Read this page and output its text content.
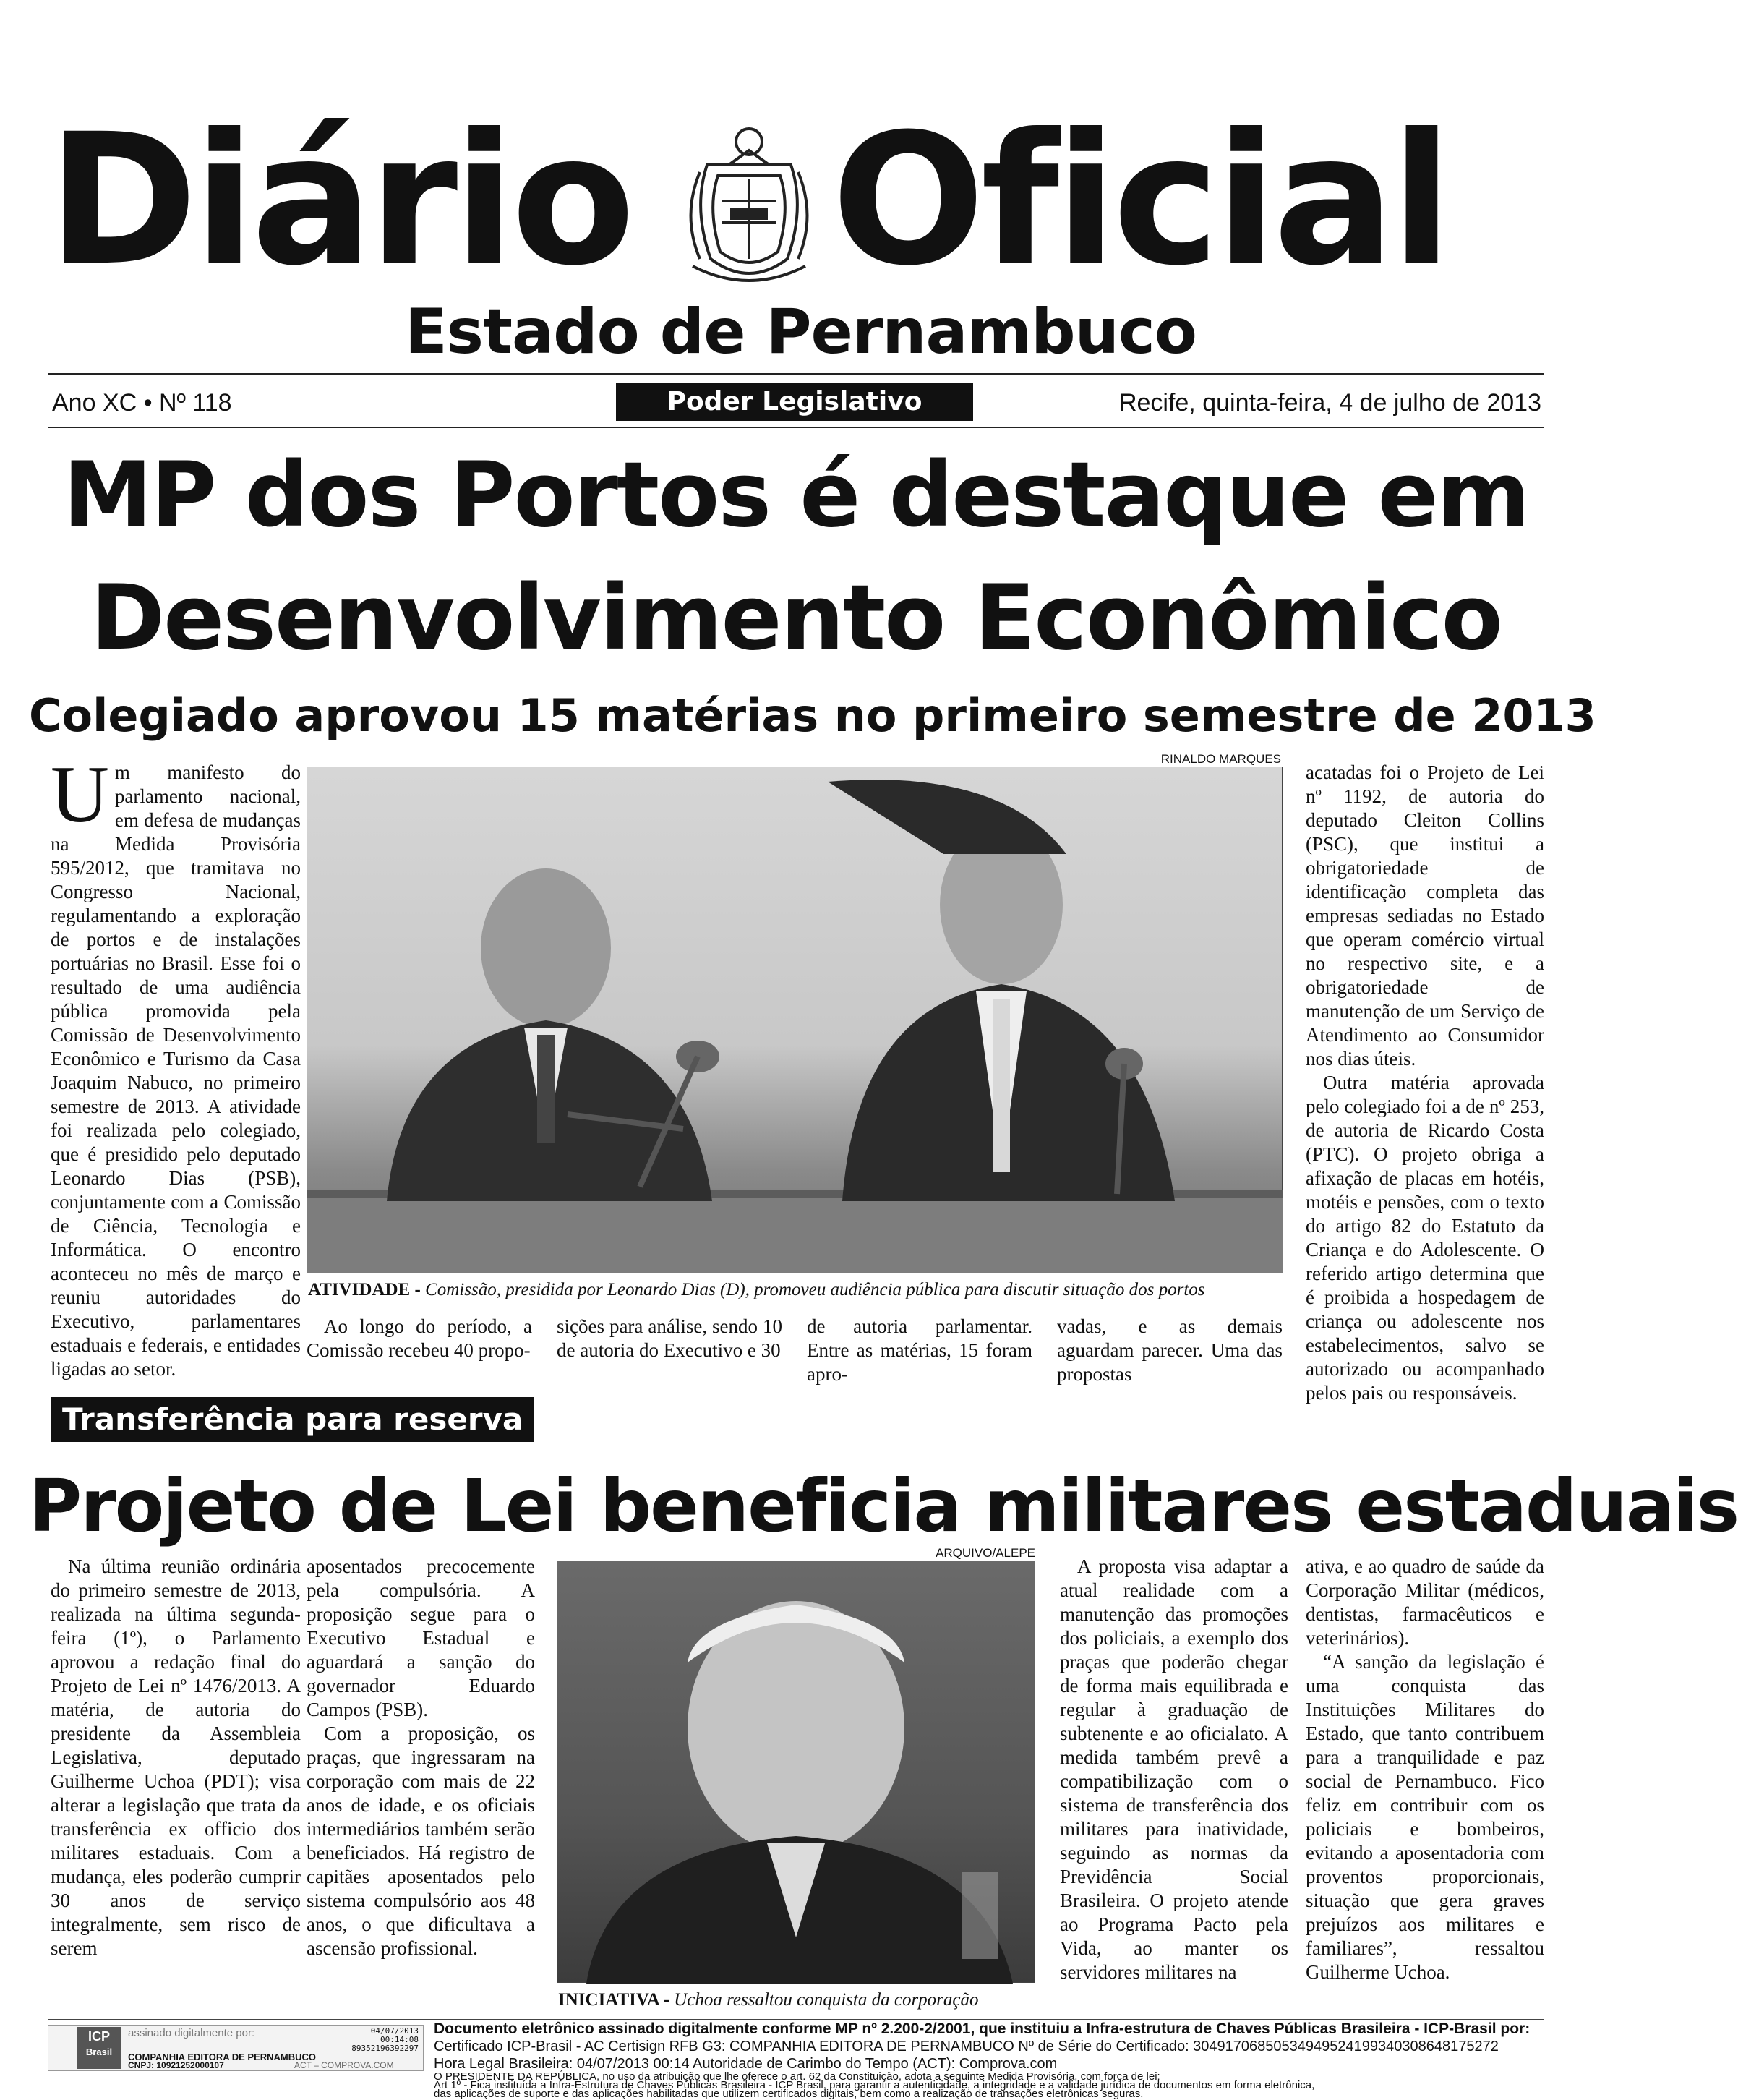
Diário Oficial
Estado de Pernambuco
Ano XC • Nº 118	Poder Legislativo	Recife, quinta-feira, 4 de julho de 2013
MP dos Portos é destaque em
Desenvolvimento Econômico
Colegiado aprovou 15 matérias no primeiro semestre de 2013

Um manifesto do parlamento nacional, em defesa de mudanças na Medida Provisória 595/2012, que tramitava no Congresso Nacional, regulamentando a exploração de portos e de instalações portuárias no Brasil. Esse foi o resultado de uma audiência pública promovida pela Comissão de Desenvolvimento Econômico e Turismo da Casa Joaquim Nabuco, no primeiro semestre de 2013. A atividade foi realizada pelo colegiado, que é presidido pelo deputado Leonardo Dias (PSB), conjuntamente com a Comissão de Ciência, Tecnologia e Informática. O encontro aconteceu no mês de março e reuniu autoridades do Executivo, parlamentares estaduais e federais, e entidades ligadas ao setor.

RINALDO MARQUES
ATIVIDADE - Comissão, presidida por Leonardo Dias (D), promoveu audiência pública para discutir situação dos portos

Ao longo do período, a Comissão recebeu 40 propo-

sições para análise, sendo 10 de autoria do Executivo e 30

de autoria parlamentar. Entre as matérias, 15 foram apro-

vadas, e as demais aguardam parecer. Uma das propostas

acatadas foi o Projeto de Lei nº 1192, de autoria do deputado Cleiton Collins (PSC), que institui a obrigatoriedade de identificação completa das empresas sediadas no Estado que operam comércio virtual no respectivo site, e a obrigatoriedade de manutenção de um Serviço de Atendimento ao Consumidor nos dias úteis.

Outra matéria aprovada pelo colegiado foi a de nº 253, de autoria de Ricardo Costa (PTC). O projeto obriga a afixação de placas em hotéis, motéis e pensões, com o texto do artigo 82 do Estatuto da Criança e do Adolescente. O referido artigo determina que é proibida a hospedagem de criança ou adolescente nos estabelecimentos, salvo se autorizado ou acompanhado pelos pais ou responsáveis.

Transferência para reserva
Projeto de Lei beneficia militares estaduais

Na última reunião ordinária do primeiro semestre de 2013, realizada na última segunda-feira (1º), o Parlamento aprovou a redação final do Projeto de Lei nº 1476/2013. A matéria, de autoria do presidente da Assembleia Legislativa, deputado Guilherme Uchoa (PDT); visa alterar a legislação que trata da transferência ex officio dos militares estaduais. Com a mudança, eles poderão cumprir 30 anos de serviço integralmente, sem risco de serem

aposentados precocemente pela compulsória. A proposição segue para o Executivo Estadual e aguardará a sanção do governador Eduardo Campos (PSB).

Com a proposição, os praças, que ingressaram na corporação com mais de 22 anos de idade, e os oficiais intermediários também serão beneficiados. Há registro de capitães aposentados pelo sistema compulsório aos 48 anos, o que dificultava a ascensão profissional.

ARQUIVO/ALEPE
INICIATIVA - Uchoa ressaltou conquista da corporação

A proposta visa adaptar a atual realidade com a manutenção das promoções dos policiais, a exemplo dos praças que poderão chegar de forma mais equilibrada e regular à graduação de subtenente e ao oficialato. A medida também prevê a compatibilização com o sistema de transferência dos militares para inatividade, seguindo as normas da Previdência Social Brasileira. O projeto atende ao Programa Pacto pela Vida, ao manter os servidores militares na

ativa, e ao quadro de saúde da Corporação Militar (médicos, dentistas, farmacêuticos e veterinários).

“A sanção da legislação é uma conquista das Instituições Militares do Estado, que tanto contribuem para a tranquilidade e paz social de Pernambuco. Fico feliz em contribuir com os policiais e bombeiros, evitando a aposentadoria com proventos proporcionais, situação que gera graves prejuízos aos militares e familiares”, ressaltou Guilherme Uchoa.

ICP
Brasil
assinado digitalmente por:	04/07/2013
00:14:08
89352196392297
COMPANHIA EDITORA DE PERNAMBUCO
CNPJ: 10921252000107	ACT – COMPROVA.COM
Documento eletrônico assinado digitalmente conforme MP nº 2.200-2/2001, que instituiu a Infra-estrutura de Chaves Públicas Brasileira - ICP-Brasil por:
Certificado ICP-Brasil - AC Certisign RFB G3: COMPANHIA EDITORA DE PERNAMBUCO Nº de Série do Certificado: 30491706850534949524199340308648175272
Hora Legal Brasileira: 04/07/2013 00:14 Autoridade de Carimbo do Tempo (ACT): Comprova.com
O PRESIDENTE DA REPÚBLICA, no uso da atribuição que lhe oferece o art. 62 da Constituição, adota a seguinte Medida Provisória, com força de lei:
Art 1º - Fica instituída a Infra-Estrutura de Chaves Públicas Brasileira - ICP Brasil, para garantir a autenticidade, a integridade e a validade jurídica de documentos em forma eletrônica,
das aplicações de suporte e das aplicações habilitadas que utilizem certificados digitais, bem como a realização de transações eletrônicas seguras.
